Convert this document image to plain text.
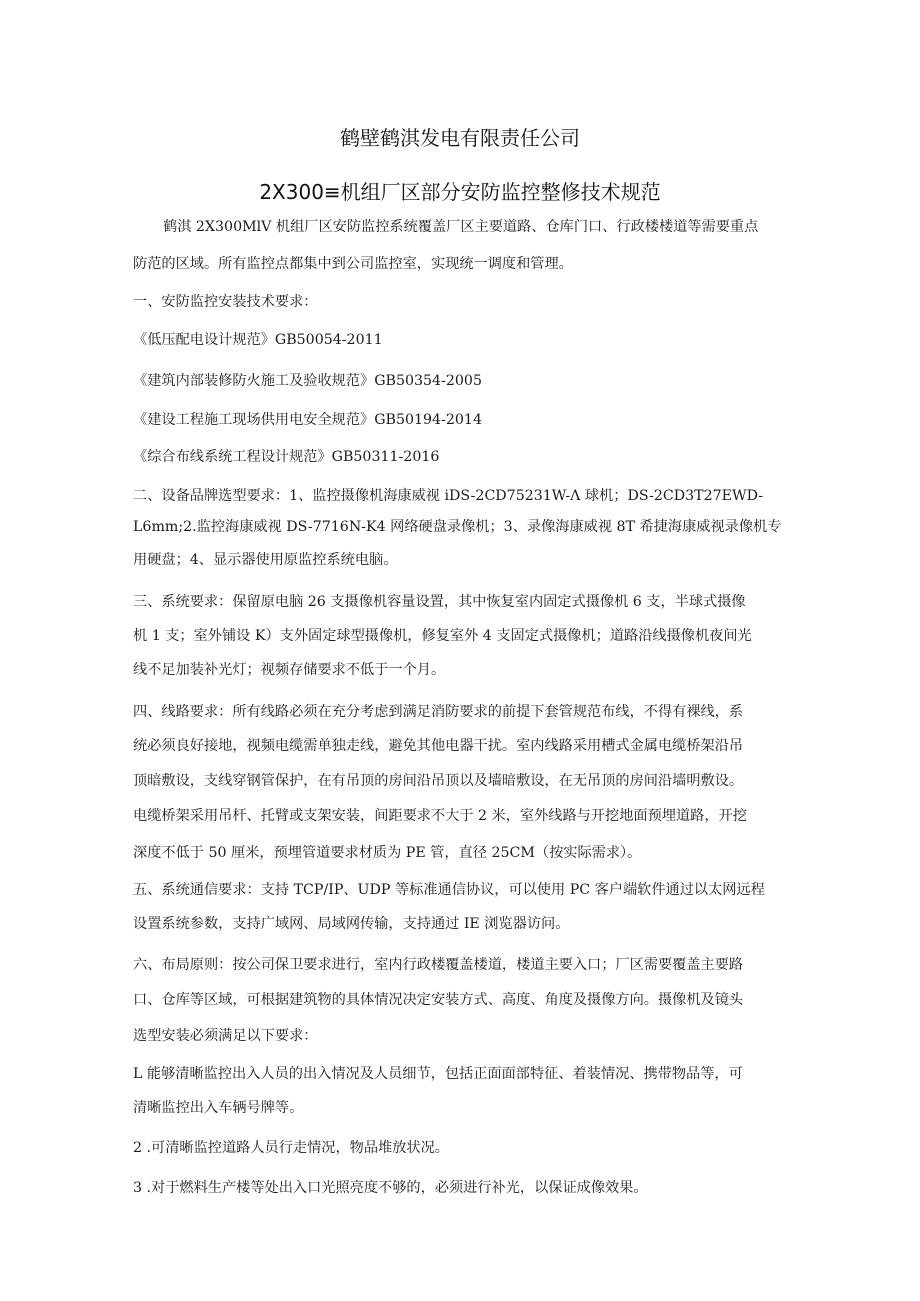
鹤壁鹤淇发电有限责任公司
2X300≡机组厂区部分安防监控整修技术规范
鹤淇 2X300MlV 机组厂区安防监控系统覆盖厂区主要道路、仓库门口、行政楼楼道等需要重点
防范的区域。所有监控点都集中到公司监控室，实现统一调度和管理。
一、安防监控安装技术要求：
《低压配电设计规范》GB50054-2011
《建筑内部装修防火施工及验收规范》GB50354-2005
《建设工程施工现场供用电安全规范》GB50194-2014
《综合布线系统工程设计规范》GB50311-2016
二、设备品牌选型要求：1、监控摄像机海康威视 iDS-2CD75231W-Λ 球机；DS-2CD3T27EWD-
L6mm;2.监控海康威视 DS-7716N-K4 网络硬盘录像机；3、录像海康威视 8T 希捷海康威视录像机专
用硬盘；4、显示器使用原监控系统电脑。
三、系统要求：保留原电脑 26 支摄像机容量设置，其中恢复室内固定式摄像机 6 支，半球式摄像
机 1 支；室外铺设 K）支外固定球型摄像机，修复室外 4 支固定式摄像机；道路沿线摄像机夜间光
线不足加装补光灯；视频存储要求不低于一个月。
四、线路要求：所有线路必须在充分考虑到满足消防要求的前提下套管规范布线，不得有裸线，系
统必须良好接地，视频电缆需单独走线，避免其他电器干扰。室内线路采用槽式金属电缆桥架沿吊
顶暗敷设，支线穿钢管保护，在有吊顶的房间沿吊顶以及墙暗敷设，在无吊顶的房间沿墙明敷设。
电缆桥架采用吊杆、托臂或支架安装，间距要求不大于 2 米，室外线路与开挖地面预埋道路，开挖
深度不低于 50 厘米，预埋管道要求材质为 PE 管，直径 25CM（按实际需求）。
五、系统通信要求：支持 TCP/IP、UDP 等标准通信协议，可以使用 PC 客户端软件通过以太网远程
设置系统参数，支持广域网、局域网传输，支持通过 IE 浏览器访问。
六、布局原则：按公司保卫要求进行，室内行政楼覆盖楼道，楼道主要入口；厂区需要覆盖主要路
口、仓库等区域，可根据建筑物的具体情况决定安装方式、高度、角度及摄像方向。摄像机及镜头
选型安装必须满足以下要求：
L 能够清晰监控出入人员的出入情况及人员细节，包括正面面部特征、着装情况、携带物品等，可
清晰监控出入车辆号牌等。
2 .可清晰监控道路人员行走情况，物品堆放状况。
3 .对于燃料生产楼等处出入口光照亮度不够的，必须进行补光，以保证成像效果。
